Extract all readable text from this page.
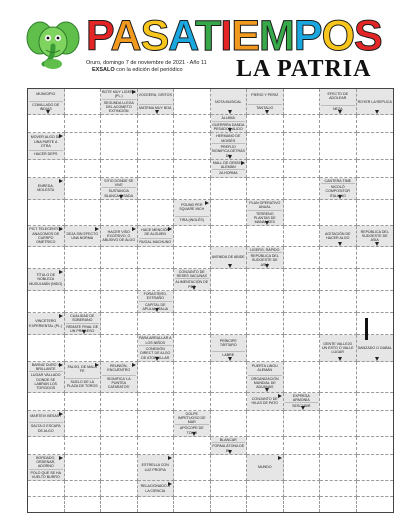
PASATIEMPOS
Oruro, domingo 7 de noviembre de 2021 - Año 11
EXSALO con la edición del periódico LA PATRIA
MUNICIPIO
COMILLADO DE INDIAS
BOTE MUY LIGERO (PL.)
SEGUNDA LLEGA DEL ACOMETO EXTINCIÓN
VOCEERA, GRITOS
MATEMA MUY BOA
NOTA MUSICAL
PIERIO Y PERIZ
TANTALIO
EFECTO DE ADOLEAR
NEZA
ROYER LA REPLICA
ALUMIA
GUERRIRA DANDA PESADOS ALIDO
MOVER ALGO DE UNA PARTE A OTRA
HACER DEPS
HERMANO DE MOISÉS
PREFIJO SIGNIFICA DETRÁS DE
MALL DE ORIGEN ALEMÁN
2A HORMA
ENREDA, MOLESTA
SITIO DONDE SE VIVE
SUSTANCIA BLANCA RISADA
CANTERA TIME
NICOLÓ COMPOSITOR ITALIANO
POUND PER SQUARE INCH
TIRA (INGLÉS)
PLAN OPERATIVO ANUAL
TERRENO PLANTAS DE MANANCES
PICT TELECENTOS ANACOMOS DE CUERPO OMETRICO
DEJA SIN EFECTO UNA NORMA
HACER VISO EXCESIVO, O ABUSIVO DE ALGO
HACE MENCIÓN DE ALGUIEN
RUGAL MACHUNO
AGITACIÓN DE HACER ALGO
REPÚBLICA DEL SUDOESTE DE ASIA
AVENIDA DE ABIDE
LIGERO, RÁPIDO
REPÚBLICA DEL SUDOESTE DE ASIA
TÍTULO DE NOBLEZA MUSULMÁN (NIDO)
CONJUNTO DE RESES VACUNAS
ALIMENTACIÓN DE PEZ
FORASTERO, EXTRAÑO
CAPITAL DE APULIA, ITALIA
VINCETERO EXPERIENTAL (PL.)
CUALIDAD DE SOBERANO
REMATE FINAL DE UN PROCESO
PARA ARRULLAR A LOS NIÑOS
CONEXIÓN DIRECT DE ALGO DE ATORNILLAR
PRÍNCIPE TÁRTARO
LABRE
GENTE VALLEJO UN ESTO O VALLE LUGAR
DANZADO O GABAL
BARNIZ DURO Y BRILLANTE
LUGAR VALLADO DONDE SE LABRAN LOS TORCIDOS
FALSO, DE MALA FE
SUELO DE LA PLAZA DE TOROS
REUNIÓN, ENCUENTRO
SIGNIFICA 'LA PUNTEA CATARATOS'
PUERTA LINGU ALEMÁN
ORGANIZACIÓN MUNDIAL DE ADUANAS
CONJUNTO DE HILAS DE PATO
EXPRESA ARMONÍA
SESCUBIR
MARTEVI BESAS I
SALTA O ESCAPA DE ALGO
GOLPE IMPETUOSO DE MAR
APÓCOPE DE TONO
BLANCAR
FORMA ÁTONA DE EL
BORDADO, ORDENAR, ADORNO
POLO QUE SE HA VUELTO BURRO
ESTRELLA CON LUZ PROPIA
MUNDO
RELACIONADO A LA CIENCIA
